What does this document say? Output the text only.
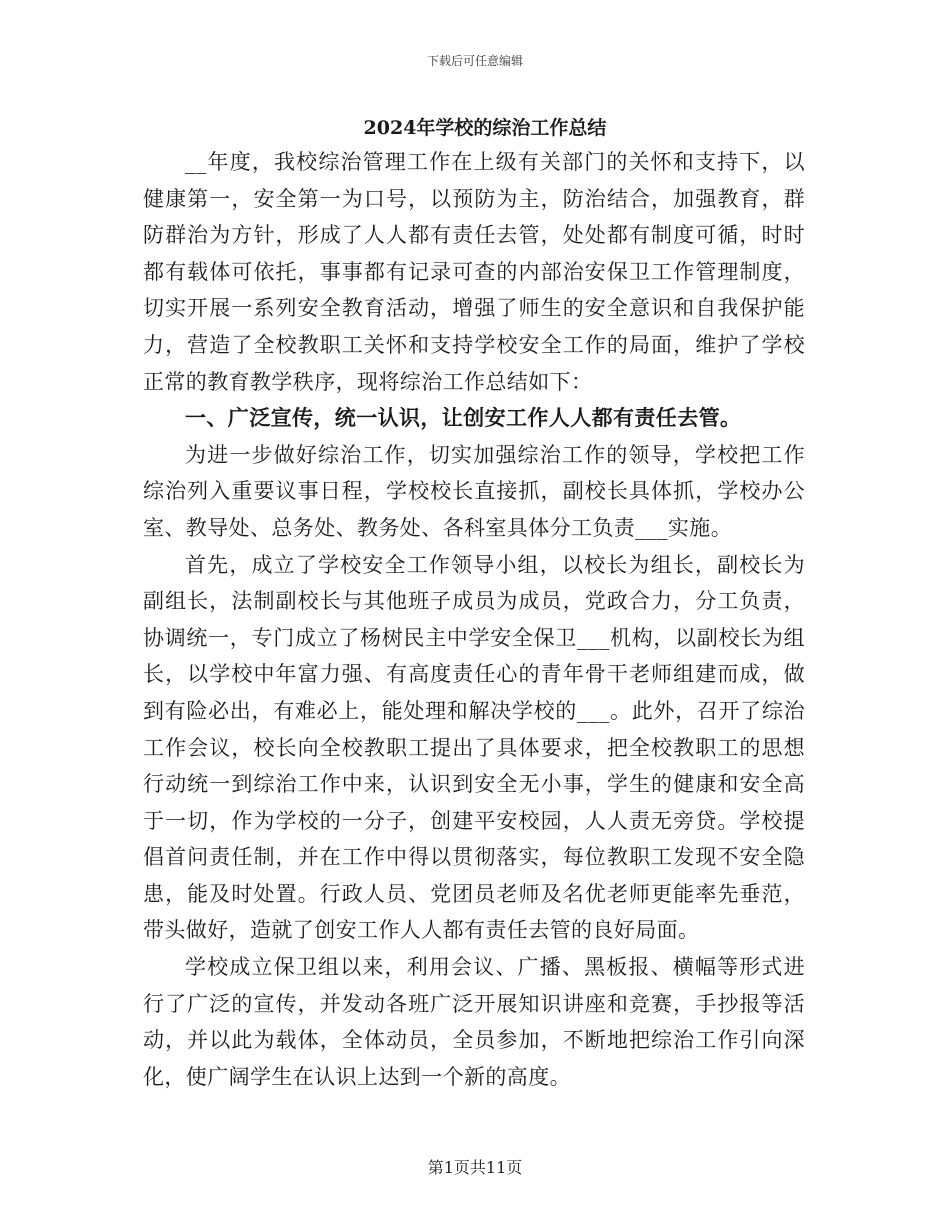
下载后可任意编辑
2024年学校的综治工作总结

__年度，我校综治管理工作在上级有关部门的关怀和支持下，以健康第一，安全第一为口号，以预防为主，防治结合，加强教育，群防群治为方针，形成了人人都有责任去管，处处都有制度可循，时时都有载体可依托，事事都有记录可查的内部治安保卫工作管理制度，切实开展一系列安全教育活动，增强了师生的安全意识和自我保护能力，营造了全校教职工关怀和支持学校安全工作的局面，维护了学校正常的教育教学秩序，现将综治工作总结如下：

一、广泛宣传，统一认识，让创安工作人人都有责任去管。

为进一步做好综治工作，切实加强综治工作的领导，学校把工作综治列入重要议事日程，学校校长直接抓，副校长具体抓，学校办公室、教导处、总务处、教务处、各科室具体分工负责___实施。

首先，成立了学校安全工作领导小组，以校长为组长，副校长为副组长，法制副校长与其他班子成员为成员，党政合力，分工负责，协调统一，专门成立了杨树民主中学安全保卫___机构，以副校长为组长，以学校中年富力强、有高度责任心的青年骨干老师组建而成，做到有险必出，有难必上，能处理和解决学校的___。此外，召开了综治工作会议，校长向全校教职工提出了具体要求，把全校教职工的思想行动统一到综治工作中来，认识到安全无小事，学生的健康和安全高于一切，作为学校的一分子，创建平安校园，人人责无旁贷。学校提倡首问责任制，并在工作中得以贯彻落实，每位教职工发现不安全隐患，能及时处置。行政人员、党团员老师及名优老师更能率先垂范，带头做好，造就了创安工作人人都有责任去管的良好局面。

学校成立保卫组以来，利用会议、广播、黑板报、横幅等形式进行了广泛的宣传，并发动各班广泛开展知识讲座和竞赛，手抄报等活动，并以此为载体，全体动员，全员参加，不断地把综治工作引向深化，使广阔学生在认识上达到一个新的高度。

第1页共11页
